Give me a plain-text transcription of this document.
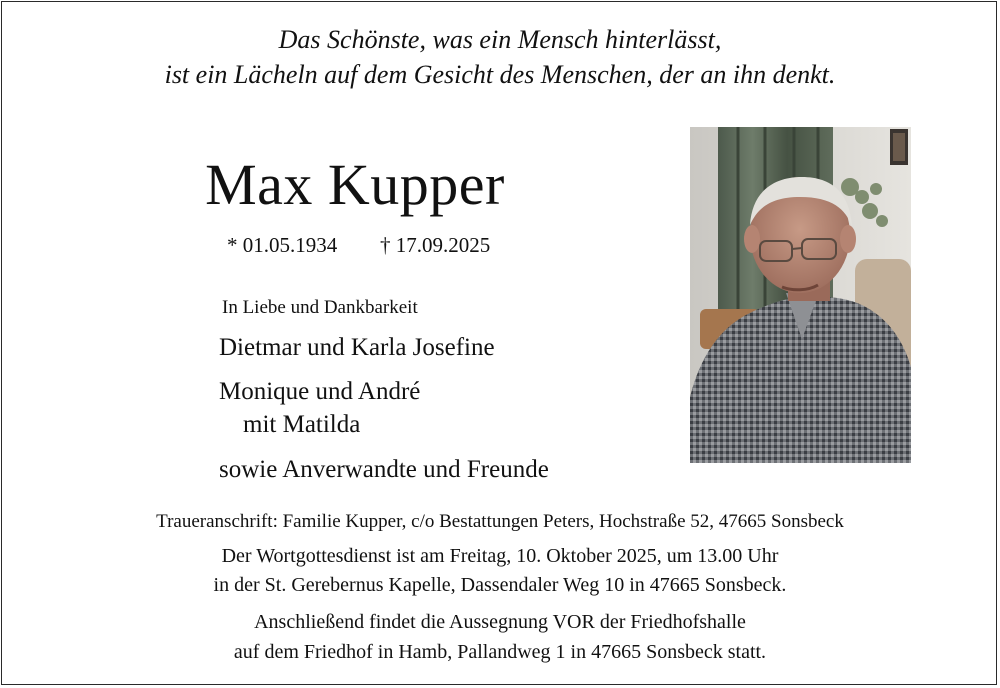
Das Schönste, was ein Mensch hinterlässt,
ist ein Lächeln auf dem Gesicht des Menschen, der an ihn denkt.
Max Kupper
* 01.05.1934 † 17.09.2025
In Liebe und Dankbarkeit
Dietmar und Karla Josefine
Monique und André
mit Matilda
sowie Anverwandte und Freunde
Traueranschrift: Familie Kupper, c/o Bestattungen Peters, Hochstraße 52, 47665 Sonsbeck
Der Wortgottesdienst ist am Freitag, 10. Oktober 2025, um 13.00 Uhr
in der St. Gerebernus Kapelle, Dassendaler Weg 10 in 47665 Sonsbeck.
Anschließend findet die Aussegnung VOR der Friedhofshalle
auf dem Friedhof in Hamb, Pallandweg 1 in 47665 Sonsbeck statt.
